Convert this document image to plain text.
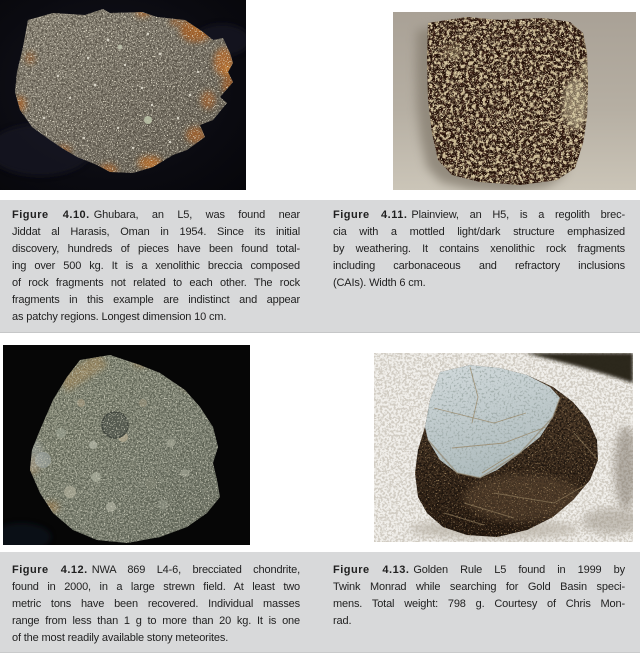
Figure 4.10. Ghubara, an L5, was found near
Jiddat al Harasis, Oman in 1954. Since its initial
discovery, hundreds of pieces have been found total-
ing over 500 kg. It is a xenolithic breccia composed
of rock fragments not related to each other. The rock
fragments in this example are indistinct and appear
as patchy regions. Longest dimension 10 cm.
Figure 4.11. Plainview, an H5, is a regolith brec-
cia with a mottled light/dark structure emphasized
by weathering. It contains xenolithic rock fragments
including carbonaceous and refractory inclusions
(CAIs). Width 6 cm.
Figure 4.12. NWA 869 L4-6, brecciated chondrite,
found in 2000, in a large strewn field. At least two
metric tons have been recovered. Individual masses
range from less than 1 g to more than 20 kg. It is one
of the most readily available stony meteorites.
Figure 4.13. Golden Rule L5 found in 1999 by
Twink Monrad while searching for Gold Basin speci-
mens. Total weight: 798 g. Courtesy of Chris Mon-
rad.
